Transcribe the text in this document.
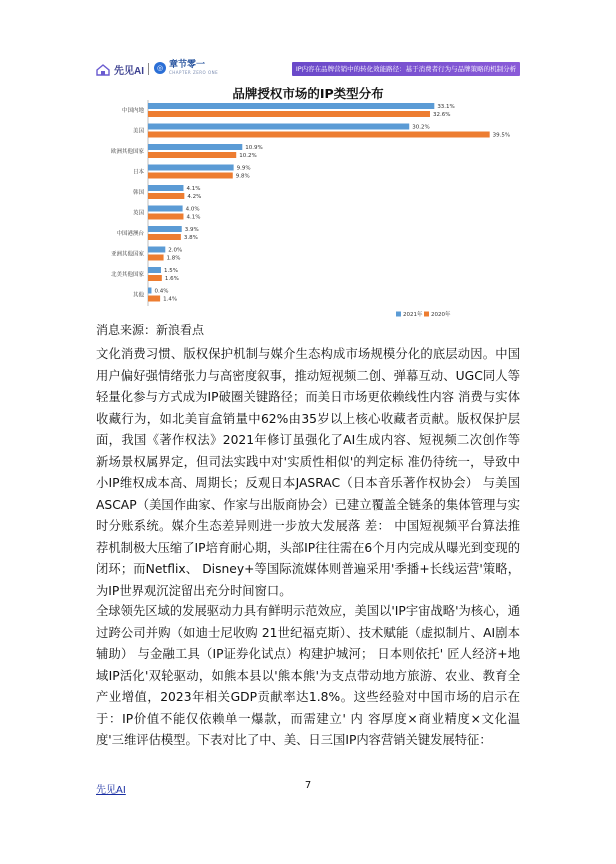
先见AI	◎ 章节零一
CHAPTER ZERO ONE	IP内容在品牌营销中的转化效能路径：基于消费者行为与品牌策略的机制分析
品牌授权市场的IP类型分布
中国内地
33.1%
32.6%
美国
30.2%
39.5%
欧洲其他国家
10.9%
10.2%
日本
9.9%
9.8%
韩国
4.1%
4.2%
英国
4.0%
4.1%
中国港澳台
3.9%
3.8%
亚洲其他国家
2.0%
1.8%
北美其他国家
1.5%
1.6%
其他
0.4%
1.4%
2021年 2020年
消息来源：新浪看点
文化消费习惯、版权保护机制与媒介生态构成市场规模分化的底层动因。中国用户偏好强情绪张力与高密度叙事，推动短视频二创、弹幕互动、UGC同人等轻量化参与方式成为IP破圈关键路径；而美日市场更依赖线性内容 消费与实体收藏行为，如北美盲盒销量中62%由35岁以上核心收藏者贡献。版权保护层面，我国《著作权法》2021年修订虽强化了AI生成内容、短视频二次创作等新场景权属界定，但司法实践中对'实质性相似'的判定标 准仍待统一，导致中小IP维权成本高、周期长；反观日本JASRAC（日本音乐著作权协会） 与美国ASCAP（美国作曲家、作家与出版商协会）已建立覆盖全链条的集体管理与实时分账系统。媒介生态差异则进一步放大发展落 差： 中国短视频平台算法推荐机制极大压缩了IP培育耐心期，头部IP往往需在6个月内完成从曝光到变现的闭环；而Netflix、 Disney+等国际流媒体则普遍采用'季播+长线运营'策略，为IP世界观沉淀留出充分时间窗口。
全球领先区域的发展驱动力具有鲜明示范效应，美国以'IP宇宙战略'为核心，通过跨公司并购（如迪士尼收购 21世纪福克斯）、技术赋能（虚拟制片、AI剧本辅助） 与金融工具（IP证券化试点）构建护城河； 日本则依托' 匠人经济+地域IP活化'双轮驱动，如熊本县以'熊本熊'为支点带动地方旅游、农业、教育全产业增值，2023年相关GDP贡献率达1.8%。这些经验对中国市场的启示在于：IP价值不能仅依赖单一爆款，而需建立' 内 容厚度×商业精度×文化温度'三维评估模型。下表对比了中、美、日三国IP内容营销关键发展特征：
先见AI	7
